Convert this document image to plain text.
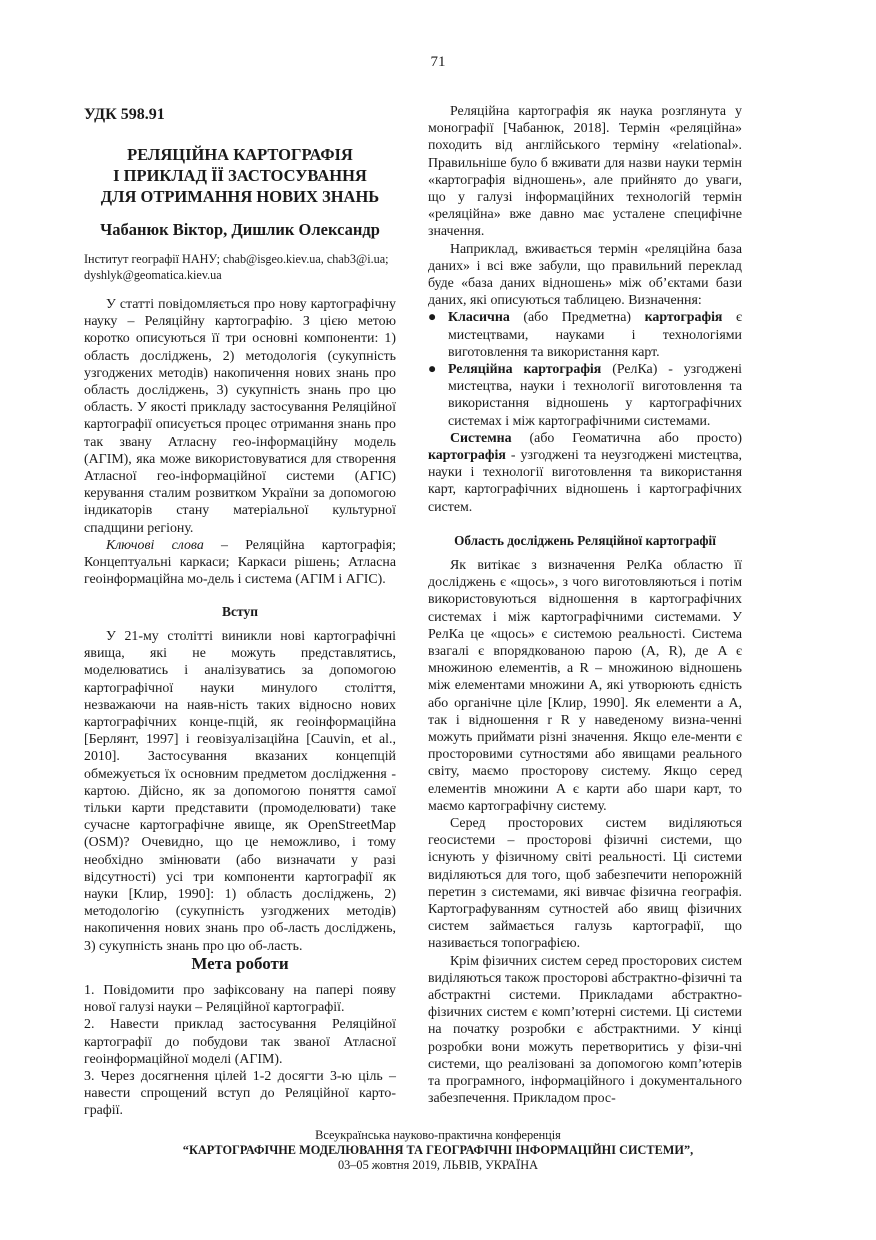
71
УДК 598.91
РЕЛЯЦІЙНА КАРТОГРАФІЯ
І ПРИКЛАД ЇЇ ЗАСТОСУВАННЯ
ДЛЯ ОТРИМАННЯ НОВИХ ЗНАНЬ
Чабанюк Віктор, Дишлик Олександр
Інститут географії НАНУ; chab@isgeo.kiev.ua, chab3@i.ua; dyshlyk@geomatica.kiev.ua

У статті повідомляється про нову картографічну науку – Реляційну картографію. З цією метою коротко описуються її три основні компоненти: 1) область досліджень, 2) методологія (сукупність узгоджених методів) накопичення нових знань про область досліджень, 3) сукупність знань про цю область. У якості прикладу застосування Реляційної картографії описується процес отримання знань про так звану Атласну гео-інформаційну модель (АГІМ), яка може використовуватися для створення Атласної гео-інформаційної системи (АГІС) керування сталим розвитком України за допомогою індикаторів стану матеріальної культурної спадщини регіону.

Ключові слова – Реляційна картографія; Концептуальні каркаси; Каркаси рішень; Атласна геоінформаційна мо-дель і система (АГІМ і АГІС).

Вступ

У 21-му столітті виникли нові картографічні явища, які не можуть представлятись, моделюватись і аналізуватись за допомогою картографічної науки минулого століття, незважаючи на наяв-ність таких відносно нових картографічних конце-пцій, як геоінформаційна [Берлянт, 1997] і геовізуалізаційна [Cauvin, et al., 2010]. Застосування вказаних концепцій обмежується їх основним предметом дослідження - картою. Дійсно, як за допомогою поняття самої тільки карти представити (промоделювати) таке сучасне картографічне явище, як OpenStreetMap (OSM)? Очевидно, що це неможливо, і тому необхідно змінювати (або визначати у разі відсутності) усі три компоненти картографії як науки [Клир, 1990]: 1) область досліджень, 2) методологію (сукупність узгоджених методів) накопичення нових знань про об-ласть досліджень, 3) сукупність знань про цю об-ласть.

Мета роботи

1. Повідомити про зафіксовану на папері появу нової галузі науки – Реляційної картографії.

2. Навести приклад застосування Реляційної картографії до побудови так званої Атласної геоінформаційної моделі (АГІМ).

3. Через досягнення цілей 1-2 досягти 3-ю ціль – навести спрощений вступ до Реляційної карто-графії.

Реляційна картографія як наука розглянута у монографії [Чабанюк, 2018]. Термін «реляційна» походить від англійського терміну «relational». Правильніше було б вживати для назви науки термін «картографія відношень», але прийнято до уваги, що у галузі інформаційних технологій термін «реляційна» вже давно має усталене специфічне значення.

Наприклад, вживається термін «реляційна база даних» і всі вже забули, що правильний переклад буде «база даних відношень» між об’єктами бази даних, які описуються таблицею. Визначення:

● Класична (або Предметна) картографія є мистецтвами, науками і технологіями виготовлення та використання карт.
● Реляційна картографія (РелКа) - узгоджені мистецтва, науки і технології виготовлення та використання відношень у картографічних системах і між картографічними системами.

Системна (або Геоматична або просто) картографія - узгоджені та неузгоджені мистецтва, науки і технології виготовлення та використання карт, картографічних відношень і картографічних систем.

Область досліджень Реляційної картографії

Як витікає з визначення РелКа областю її досліджень є «щось», з чого виготовляються і потім використовуються відношення в картографічних системах і між картографічними системами. У РелКа це «щось» є системою реальності. Система взагалі є впорядкованою парою (A, R), де A є множиною елементів, а R – множиною відношень між елементами множини A, які утворюють єдність або органічне ціле [Клир, 1990]. Як елементи a A, так і відношення r R у наведеному визна-ченні можуть приймати різні значення. Якщо еле-менти є просторовими сутностями або явищами реального світу, маємо просторову систему. Якщо серед елементів множини A є карти або шари карт, то маємо картографічну систему.

Серед просторових систем виділяються геосистеми – просторові фізичні системи, що існують у фізичному світі реальності. Ці системи виділяються для того, щоб забезпечити непорожній перетин з системами, які вивчає фізична географія. Картографуванням сутностей або явищ фізичних систем займається галузь картографії, що називається топографією.

Крім фізичних систем серед просторових систем виділяються також просторові абстрактно-фізичні та абстрактні системи. Прикладами абстрактно-фізичних систем є комп’ютерні системи. Ці системи на початку розробки є абстрактними. У кінці розробки вони можуть перетворитись у фізи-чні системи, що реалізовані за допомогою комп’ютерів та програмного, інформаційного і документального забезпечення. Прикладом прос-

Всеукраїнська науково-практична конференція
“КАРТОГРАФІЧНЕ МОДЕЛЮВАННЯ ТА ГЕОГРАФІЧНІ ІНФОРМАЦІЙНІ СИСТЕМИ”,
03–05 жовтня 2019, ЛЬВІВ, УКРАЇНА
